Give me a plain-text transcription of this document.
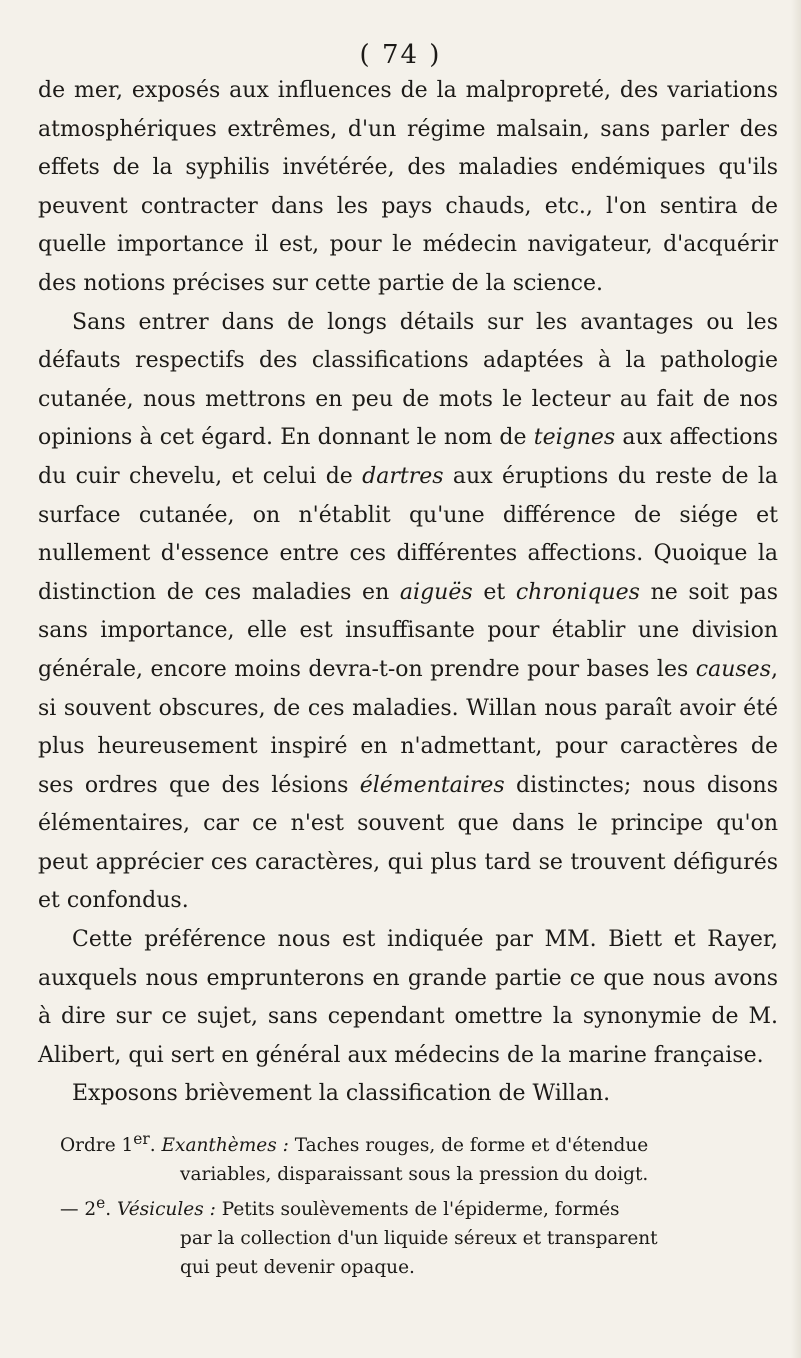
( 74 )

de mer, exposés aux influences de la malpropreté, des variations atmosphériques extrêmes, d'un régime malsain, sans parler des effets de la syphilis invétérée, des maladies endémiques qu'ils peuvent contracter dans les pays chauds, etc., l'on sentira de quelle importance il est, pour le médecin navigateur, d'acquérir des notions précises sur cette partie de la science.

Sans entrer dans de longs détails sur les avantages ou les défauts respectifs des classifications adaptées à la pathologie cutanée, nous mettrons en peu de mots le lecteur au fait de nos opinions à cet égard. En donnant le nom de teignes aux affections du cuir chevelu, et celui de dartres aux éruptions du reste de la surface cutanée, on n'établit qu'une différence de siége et nullement d'essence entre ces différentes affections. Quoique la distinction de ces maladies en aiguës et chroniques ne soit pas sans importance, elle est insuffisante pour établir une division générale, encore moins devra-t-on prendre pour bases les causes, si souvent obscures, de ces maladies. Willan nous paraît avoir été plus heureusement inspiré en n'admettant, pour caractères de ses ordres que des lésions élémentaires distinctes; nous disons élémentaires, car ce n'est souvent que dans le principe qu'on peut apprécier ces caractères, qui plus tard se trouvent défigurés et confondus.

Cette préférence nous est indiquée par MM. Biett et Rayer, auxquels nous emprunterons en grande partie ce que nous avons à dire sur ce sujet, sans cependant omettre la synonymie de M. Alibert, qui sert en général aux médecins de la marine française.

Exposons brièvement la classification de Willan.

Ordre 1er. Exanthèmes : Taches rouges, de forme et d'étendue
variables, disparaissant sous la pression du doigt.
— 2e. Vésicules : Petits soulèvements de l'épiderme, formés
par la collection d'un liquide séreux et transparent
qui peut devenir opaque.
